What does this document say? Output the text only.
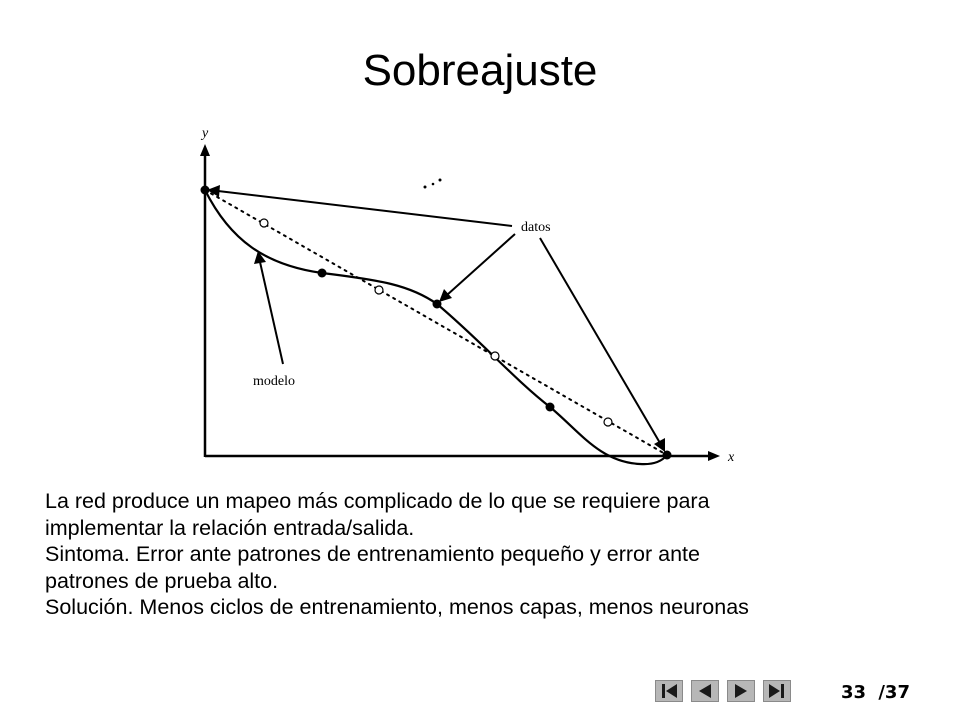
Sobreajuste
y
x
datos
modelo
La red produce un mapeo más complicado de lo que se requiere para
implementar la relación entrada/salida.
Sintoma. Error ante patrones de entrenamiento pequeño y error ante
patrones de prueba alto.
Solución. Menos ciclos de entrenamiento, menos capas, menos neuronas
33 /37
